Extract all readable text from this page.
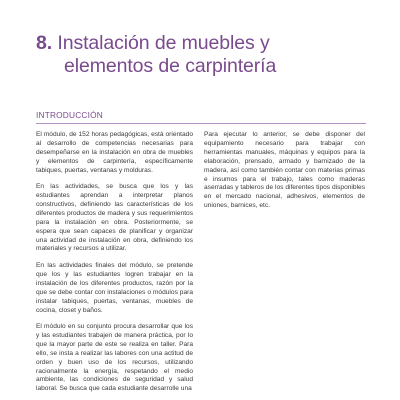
8. Instalación de muebles y
elementos de carpintería
INTRODUCCIÓN

El módulo, de 152 horas pedagógicas, está orientado al desarrollo de competencias necesarias para desempeñarse en la instalación en obra de muebles y elementos de carpintería, específicamente tabiques, puertas, ventanas y molduras.

En las actividades, se busca que los y las estudiantes aprendan a interpretar planos constructivos, definiendo las características de los diferentes productos de madera y sus requerimientos para la instalación en obra. Posteriormente, se espera que sean capaces de planificar y organizar una actividad de instalación en obra, definiendo los materiales y recursos a utilizar.

En las actividades finales del módulo, se pretende que los y las estudiantes logren trabajar en la instalación de los diferentes productos, razón por la que se debe contar con instalaciones o módulos para instalar tabiques, puertas, ventanas, muebles de cocina, closet y baños.

El módulo en su conjunto procura desarrollar que los y las estudiantes trabajen de manera práctica, por lo que la mayor parte de este se realiza en taller. Para ello, se insta a realizar las labores con una actitud de orden y buen uso de los recursos, utilizando racionalmente la energía, respetando el medio ambiente, las condiciones de seguridad y salud laboral. Se busca que cada estudiante desarrolle una

Para ejecutar lo anterior, se debe disponer del equipamiento necesario para trabajar con herramientas manuales, máquinas y equipos para la elaboración, prensado, armado y barnizado de la madera, así como también contar con materias primas e insumos para el trabajo, tales como maderas aserradas y tableros de los diferentes tipos disponibles en el mercado nacional, adhesivos, elementos de uniones, barnices, etc.
